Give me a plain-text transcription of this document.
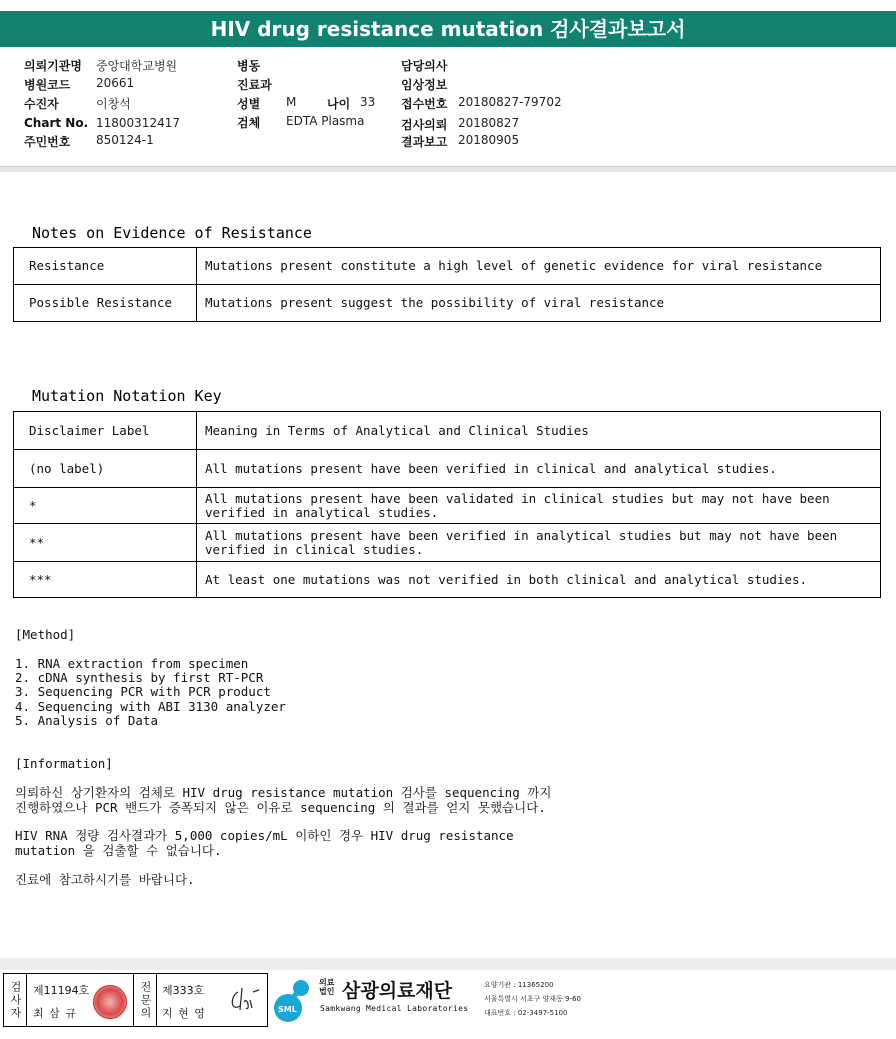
HIV drug resistance mutation 검사결과보고서
의뢰기관명 중앙대학교병원
병원코드 20661
수진자	이창석
Chart No. 11800312417
주민번호 850124-1
병동
진료과
성별 M	나이 33
검체 EDTA Plasma
담당의사
임상정보
접수번호 20180827-79702
검사의뢰 20180827
결과보고 20180905
Notes on Evidence of Resistance
Resistance	Mutations present constitute a high level of genetic evidence for viral resistance
Possible Resistance	Mutations present suggest the possibility of viral resistance
Mutation Notation Key
Disclaimer Label	Meaning in Terms of Analytical and Clinical Studies
(no label)	All mutations present have been verified in clinical and analytical studies.
*	All mutations present have been validated in clinical studies but may not have been verified in analytical studies.
**	All mutations present have been verified in analytical studies but may not have been verified in clinical studies.
***	At least one mutations was not verified in both clinical and analytical studies.
[Method]
1. RNA extraction from specimen
2. cDNA synthesis by first RT-PCR
3. Sequencing PCR with PCR product
4. Sequencing with ABI 3130 analyzer
5. Analysis of Data
[Information]
의뢰하신 상기환자의 검체로 HIV drug resistance mutation 검사를 sequencing 까지
진행하였으나 PCR 밴드가 증폭되지 않은 이유로 sequencing 의 결과를 얻지 못했습니다.
HIV RNA 정량 검사결과가 5,000 copies/mL 이하인 경우 HIV drug resistance
mutation 을 검출할 수 없습니다.
진료에 참고하시기를 바랍니다.
검사자	제11194호
최 삼 규	전문의 제333호
지 현 영	SML
의료
법인 삼광의료재단
Samkwang Medical Laboratories
요양기관 : 11365200
서울특별시 서초구 양재동 9-60
대표번호 : 02-3497-5100
